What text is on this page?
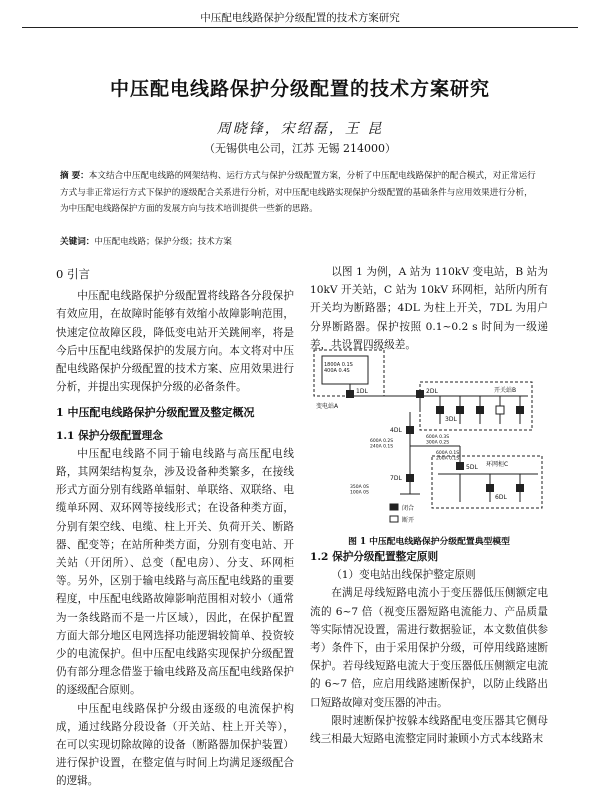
中压配电线路保护分级配置的技术方案研究
中压配电线路保护分级配置的技术方案研究
周晓锋，宋绍磊，王 昆
（无锡供电公司，江苏 无锡 214000）
摘 要：本文结合中压配电线路的网架结构、运行方式与保护分级配置方案，分析了中压配电线路保护的配合模式，对正常运行方式与非正常运行方式下保护的逐级配合关系进行分析，对中压配电线路实现保护分级配置的基础条件与应用效果进行分析，为中压配电线路保护方面的发展方向与技术培训提供一些新的思路。
关键词：中压配电线路；保护分级；技术方案
0 引言

中压配电线路保护分级配置将线路各分段保护有效应用，在故障时能够有效缩小故障影响范围，快速定位故障区段，降低变电站开关跳闸率，将是今后中压配电线路保护的发展方向。本文将对中压配电线路保护分级配置的技术方案、应用效果进行分析，并提出实现保护分级的必备条件。

1 中压配电线路保护分级配置及整定概况
1.1 保护分级配置理念

中压配电线路不同于输电线路与高压配电线路，其网架结构复杂，涉及设备种类繁多，在接线形式方面分别有线路单辐射、单联络、双联络、电缆单环网、双环网等接线形式；在设备种类方面，分别有架空线、电缆、柱上开关、负荷开关、断路器、配变等；在站所种类方面，分别有变电站、开关站（开闭所）、总变（配电房）、分支、环网柜等。另外，区别于输电线路与高压配电线路的重要程度，中压配电线路故障影响范围相对较小（通常为一条线路而不是一片区域），因此，在保护配置方面大部分地区电网选择功能逻辑较简单、投资较少的电流保护。但中压配电线路实现保护分级配置仍有部分理念借鉴于输电线路及高压配电线路保护的逐级配合原则。

中压配电线路保护分级由逐级的电流保护构成，通过线路分段设备（开关站、柱上开关等），在可以实现切除故障的设备（断路器加保护装置）进行保护设置，在整定值与时间上均满足逐级配合的逻辑。

以图 1 为例，A 站为 110kV 变电站，B 站为 10kV 开关站，C 站为 10kV 环网柜，站所内所有开关均为断路器；4DL 为柱上开关，7DL 为用户分界断路器。保护按照 0.1~0.2 s 时间为一级递差，共设置四级级差。

变电站A
开关站B
环网柜C
闭合
断开
1DL	2DL
3DL
4DL
5DL
6DL
7DL
1800A 0.1S 400A 0.4S
600A 0.3S 300A 0.2S
600A 0.2S 240A 0.1S
600A 0.1S 200A 0.1S
350A 0S 100A 0S
图 1 中压配电线路保护分级配置典型模型
1.2 保护分级配置整定原则

（1）变电站出线保护整定原则

在满足母线短路电流小于变压器低压侧额定电流的 6~7 倍（视变压器短路电流能力、产品质量等实际情况设置，需进行数据验证，本文数值供参考）条件下，由于采用保护分级，可停用线路速断保护。若母线短路电流大于变压器低压侧额定电流的 6~7 倍，应启用线路速断保护，以防止线路出口短路故障对变压器的冲击。

限时速断保护按躲本线路配电变压器其它侧母线三相最大短路电流整定同时兼顾小方式本线路末
